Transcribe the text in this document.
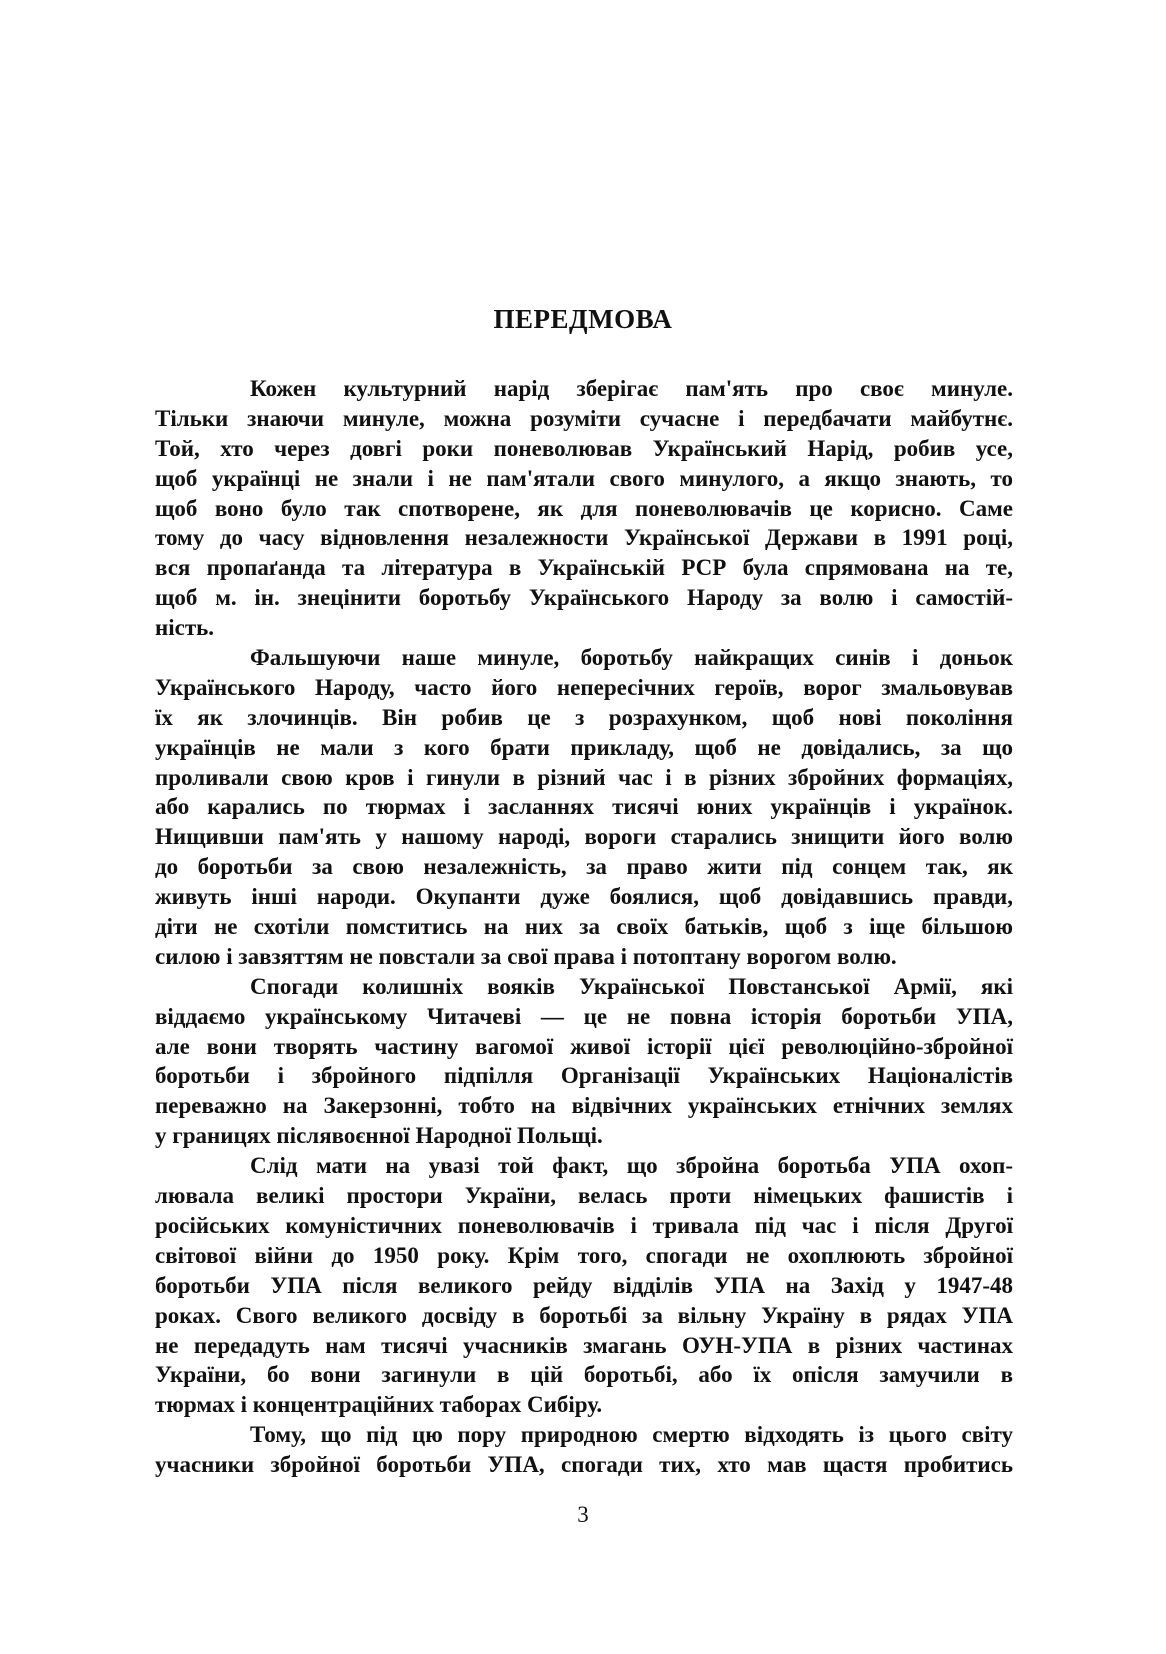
ПЕРЕДМОВА
Кожен культурний нарід зберігає пам'ять про своє минуле.
Тільки знаючи минуле, можна розуміти сучасне і передбачати майбутнє.
Той, хто через довгі роки поневолював Український Нарід, робив усе,
щоб українці не знали і не пам'ятали свого минулого, а якщо знають, то
щоб воно було так спотворене, як для поневолювачів це корисно. Саме
тому до часу відновлення незалежности Української Держави в 1991 році,
вся пропаґанда та література в Українській РСР була спрямована на те,
щоб м. ін. знецінити боротьбу Українського Народу за волю і самостій-
ність.
Фальшуючи наше минуле, боротьбу найкращих синів і доньок
Українського Народу, часто його непересічних героїв, ворог змальовував
їх як злочинців. Він робив це з розрахунком, щоб нові покоління
українців не мали з кого брати прикладу, щоб не довідались, за що
проливали свою кров і гинули в різний час і в різних збройних формаціях,
або карались по тюрмах і засланнях тисячі юних українців і українок.
Нищивши пам'ять у нашому народі, вороги старались знищити його волю
до боротьби за свою незалежність, за право жити під сонцем так, як
живуть інші народи. Окупанти дуже боялися, щоб довідавшись правди,
діти не схотіли помститись на них за своїх батьків, щоб з іще більшою
силою і завзяттям не повстали за свої права і потоптану ворогом волю.
Спогади колишніх вояків Української Повстанської Армії, які
віддаємо українському Читачеві — це не повна історія боротьби УПА,
але вони творять частину вагомої живої історії цієї революційно-збройної
боротьби і збройного підпілля Організації Українських Націоналістів
переважно на Закерзонні, тобто на відвічних українських етнічних землях
у границях післявоєнної Народної Польщі.
Слід мати на увазі той факт, що збройна боротьба УПА охоп-
лювала великі простори України, велась проти німецьких фашистів і
російських комуністичних поневолювачів і тривала під час і після Другої
світової війни до 1950 року. Крім того, спогади не охоплюють збройної
боротьби УПА після великого рейду відділів УПА на Захід у 1947-48
роках. Свого великого досвіду в боротьбі за вільну Україну в рядах УПА
не передадуть нам тисячі учасників змагань ОУН-УПА в різних частинах
України, бо вони загинули в цій боротьбі, або їх опісля замучили в
тюрмах і концентраційних таборах Сибіру.
Тому, що під цю пору природною смертю відходять із цього світу
учасники збройної боротьби УПА, спогади тих, хто мав щастя пробитись
3
